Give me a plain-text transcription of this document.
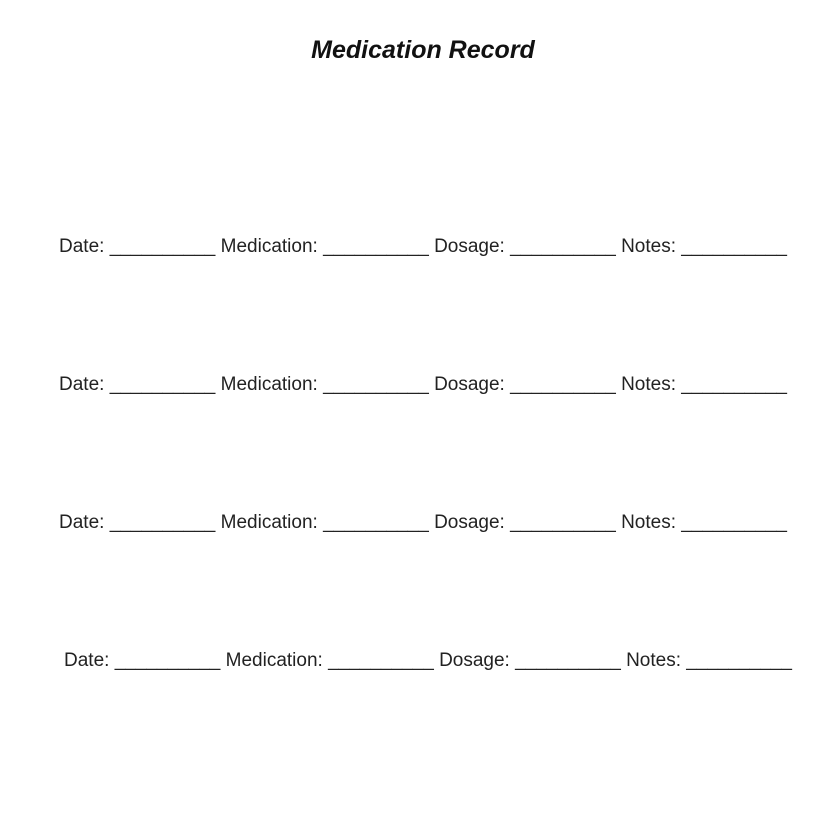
Medication Record
Date: __________ Medication: __________ Dosage: __________ Notes: __________
Date: __________ Medication: __________ Dosage: __________ Notes: __________
Date: __________ Medication: __________ Dosage: __________ Notes: __________
Date: __________ Medication: __________ Dosage: __________ Notes: __________
